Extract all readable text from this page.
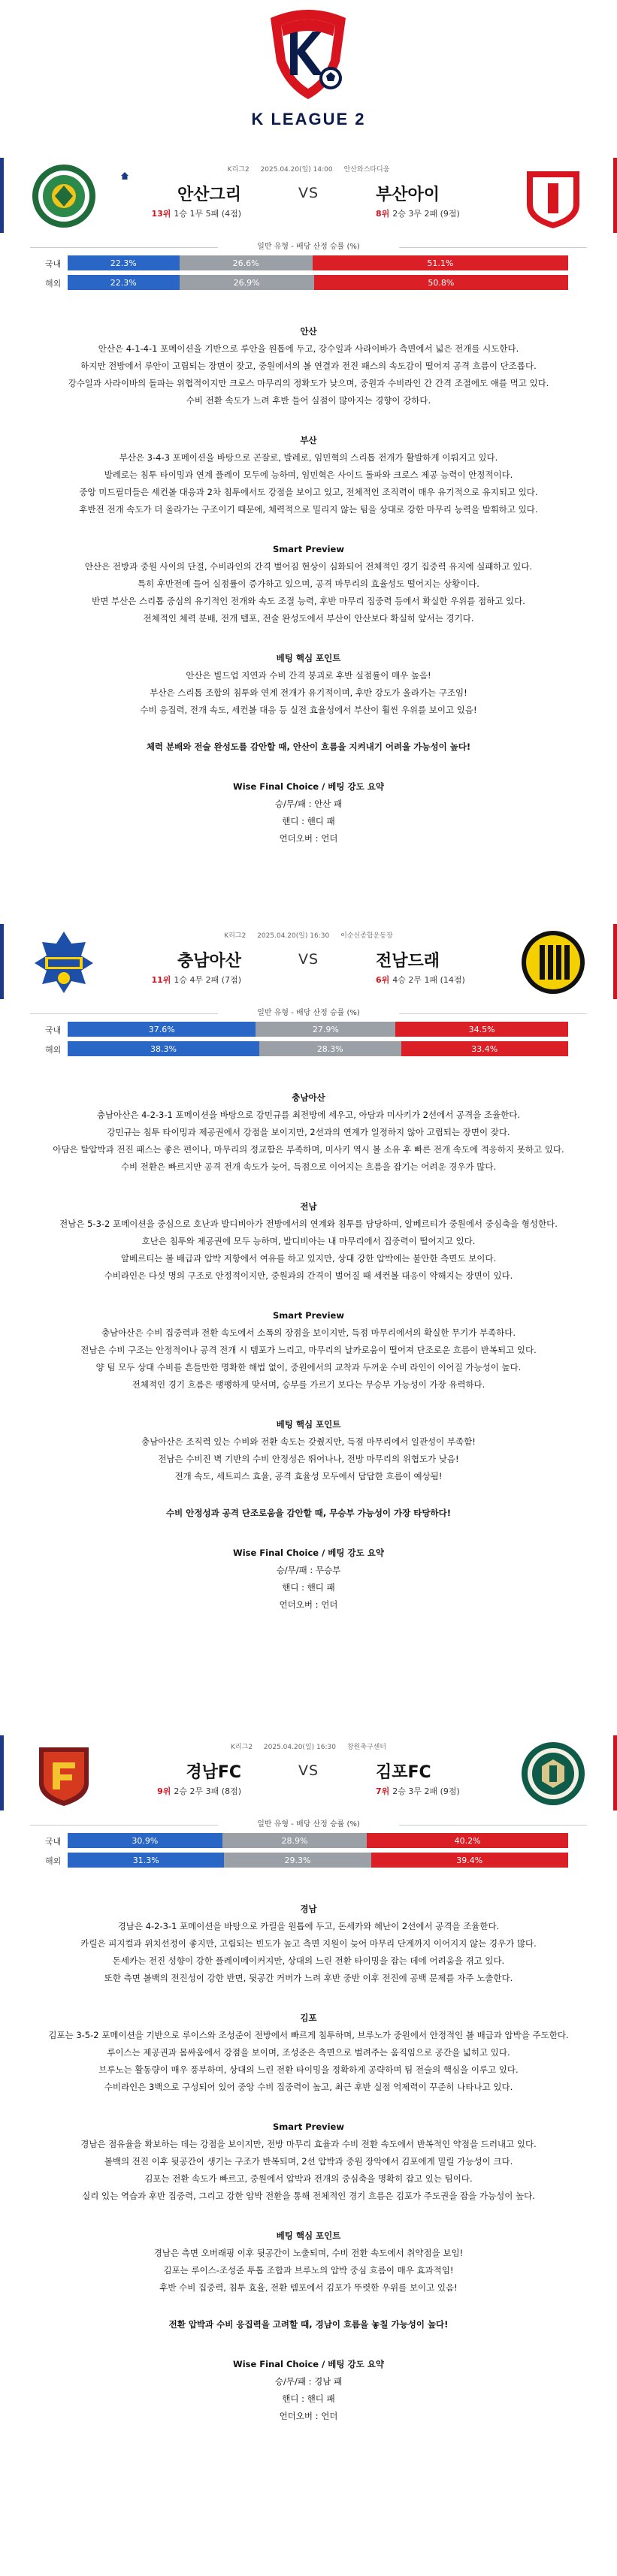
K LEAGUE 2
K리그2 2025.04.20(일) 14:00 안산와스타디움
안산그리	VS	부산아이
13위 1승 1무 5패 (4점)	8위 2승 3무 2패 (9점)
일반 유형 - 배당 산정 승률 (%)
국내	22.3%	26.6%	51.1%
해외	22.3%	26.9%	50.8%
안산
안산은 4-1-4-1 포메이션을 기반으로 루안을 원톱에 두고, 강수일과 사라이바가 측면에서 넓은 전개를 시도한다.
하지만 전방에서 루안이 고립되는 장면이 잦고, 중원에서의 볼 연결과 전진 패스의 속도감이 떨어져 공격 흐름이 단조롭다.
강수일과 사라이바의 돌파는 위협적이지만 크로스 마무리의 정확도가 낮으며, 중원과 수비라인 간 간격 조절에도 애를 먹고 있다.
수비 전환 속도가 느려 후반 들어 실점이 많아지는 경향이 강하다.
부산
부산은 3-4-3 포메이션을 바탕으로 곤잘로, 발레로, 임민혁의 스리톱 전개가 활발하게 이뤄지고 있다.
발레로는 침투 타이밍과 연계 플레이 모두에 능하며, 임민혁은 사이드 돌파와 크로스 제공 능력이 안정적이다.
중앙 미드필더들은 세컨볼 대응과 2차 침투에서도 강점을 보이고 있고, 전체적인 조직력이 매우 유기적으로 유지되고 있다.
후반전 전개 속도가 더 올라가는 구조이기 때문에, 체력적으로 밀리지 않는 팀을 상대로 강한 마무리 능력을 발휘하고 있다.
Smart Preview
안산은 전방과 중원 사이의 단절, 수비라인의 간격 벌어짐 현상이 심화되어 전체적인 경기 집중력 유지에 실패하고 있다.
특히 후반전에 들어 실점률이 증가하고 있으며, 공격 마무리의 효율성도 떨어지는 상황이다.
반면 부산은 스리톱 중심의 유기적인 전개와 속도 조절 능력, 후반 마무리 집중력 등에서 확실한 우위를 점하고 있다.
전체적인 체력 분배, 전개 템포, 전술 완성도에서 부산이 안산보다 확실히 앞서는 경기다.
베팅 핵심 포인트
안산은 빌드업 지연과 수비 간격 붕괴로 후반 실점률이 매우 높음!
부산은 스리톱 조합의 침투와 연계 전개가 유기적이며, 후반 강도가 올라가는 구조임!
수비 응집력, 전개 속도, 세컨볼 대응 등 실전 효율성에서 부산이 훨씬 우위를 보이고 있음!
체력 분배와 전술 완성도를 감안할 때, 안산이 흐름을 지켜내기 어려울 가능성이 높다!
Wise Final Choice / 베팅 강도 요약
승/무/패 : 안산 패
핸디 : 핸디 패
언더오버 : 언더
K리그2 2025.04.20(일) 16:30 이순신종합운동장
충남아산	VS	전남드래
11위 1승 4무 2패 (7점)	6위 4승 2무 1패 (14점)
일반 유형 - 배당 산정 승률 (%)
국내	37.6%	27.9%	34.5%
해외	38.3%	28.3%	33.4%
충남아산
충남아산은 4-2-3-1 포메이션을 바탕으로 강민규를 최전방에 세우고, 아담과 미사키가 2선에서 공격을 조율한다.
강민규는 침투 타이밍과 제공권에서 강점을 보이지만, 2선과의 연계가 일정하지 않아 고립되는 장면이 잦다.
아담은 탈압박과 전진 패스는 좋은 편이나, 마무리의 정교함은 부족하며, 미사키 역시 볼 소유 후 빠른 전개 속도에 적응하지 못하고 있다.
수비 전환은 빠르지만 공격 전개 속도가 늦어, 득점으로 이어지는 흐름을 잡기는 어려운 경우가 많다.
전남
전남은 5-3-2 포메이션을 중심으로 호난과 발디비아가 전방에서의 연계와 침투를 담당하며, 알베르티가 중원에서 중심축을 형성한다.
호난은 침투와 제공권에 모두 능하며, 발디비아는 내 마무리에서 집중력이 떨어지고 있다.
알베르티는 볼 배급과 압박 저항에서 여유를 하고 있지만, 상대 강한 압박에는 불안한 측면도 보이다.
수비라인은 다섯 명의 구조로 안정적이지만, 중원과의 간격이 벌어질 때 세컨볼 대응이 약해지는 장면이 있다.
Smart Preview
충남아산은 수비 집중력과 전환 속도에서 소폭의 장점을 보이지만, 득점 마무리에서의 확실한 무기가 부족하다.
전남은 수비 구조는 안정적이나 공격 전개 시 템포가 느리고, 마무리의 날카로움이 떨어져 단조로운 흐름이 반복되고 있다.
양 팀 모두 상대 수비를 흔들만한 명확한 해법 없이, 중원에서의 교착과 두꺼운 수비 라인이 이어질 가능성이 높다.
전체적인 경기 흐름은 팽팽하게 맞서며, 승부를 가르기 보다는 무승부 가능성이 가장 유력하다.
베팅 핵심 포인트
충남아산은 조직력 있는 수비와 전환 속도는 갖췄지만, 득점 마무리에서 일관성이 부족함!
전남은 수비진 벽 기반의 수비 안정성은 뛰어나나, 전방 마무리의 위협도가 낮음!
전개 속도, 세트피스 효율, 공격 효율성 모두에서 답답한 흐름이 예상됨!
수비 안정성과 공격 단조로움을 감안할 때, 무승부 가능성이 가장 타당하다!
Wise Final Choice / 베팅 강도 요약
승/무/패 : 무승부
핸디 : 핸디 패
언더오버 : 언더
K리그2 2025.04.20(일) 16:30 창원축구센터
경남FC	VS	김포FC
9위 2승 2무 3패 (8점)	7위 2승 3무 2패 (9점)
일반 유형 - 배당 산정 승률 (%)
국내	30.9%	28.9%	40.2%
해외	31.3%	29.3%	39.4%
경남
경남은 4-2-3-1 포메이션을 바탕으로 카릴을 원톱에 두고, 돈세카와 헤난이 2선에서 공격을 조율한다.
카릴은 피지컬과 위치선정이 좋지만, 고립되는 빈도가 높고 측면 지원이 늦어 마무리 단계까지 이어지지 않는 경우가 많다.
돈세카는 전진 성향이 강한 플레이메이커지만, 상대의 느린 전환 타이밍을 잡는 데에 어려움을 겪고 있다.
또한 측면 볼백의 전진성이 강한 반면, 뒷공간 커버가 느려 후반 중반 이후 전진에 공백 문제를 자주 노출한다.
김포
김포는 3-5-2 포메이션을 기반으로 루이스와 조성준이 전방에서 빠르게 침투하며, 브루노가 중원에서 안정적인 볼 배급과 압박을 주도한다.
루이스는 제공권과 몸싸움에서 강점을 보이며, 조성준은 측면으로 벌려주는 움직임으로 공간을 넓히고 있다.
브루노는 활동량이 매우 풍부하며, 상대의 느린 전환 타이밍을 정확하게 공략하며 팀 전술의 핵심을 이루고 있다.
수비라인은 3백으로 구성되어 있어 중앙 수비 집중력이 높고, 최근 후반 실점 억제력이 꾸준히 나타나고 있다.
Smart Preview
경남은 점유율을 확보하는 데는 강점을 보이지만, 전방 마무리 효율과 수비 전환 속도에서 반복적인 약점을 드러내고 있다.
볼백의 전진 이후 뒷공간이 생기는 구조가 반복되며, 2선 압박과 중원 장악에서 김포에게 밀릴 가능성이 크다.
김포는 전환 속도가 빠르고, 중원에서 압박과 전개의 중심축을 명확히 잡고 있는 팀이다.
실리 있는 역습과 후반 집중력, 그리고 강한 압박 전환을 통해 전체적인 경기 흐름은 김포가 주도권을 잡을 가능성이 높다.
베팅 핵심 포인트
경남은 측면 오버래핑 이후 뒷공간이 노출되며, 수비 전환 속도에서 취약점을 보임!
김포는 루이스-조성준 투톱 조합과 브루노의 압박 중심 흐름이 매우 효과적임!
후반 수비 집중력, 침투 효율, 전환 템포에서 김포가 뚜렷한 우위를 보이고 있음!
전환 압박과 수비 응집력을 고려할 때, 경남이 흐름을 놓칠 가능성이 높다!
Wise Final Choice / 베팅 강도 요약
승/무/패 : 경남 패
핸디 : 핸디 패
언더오버 : 언더
